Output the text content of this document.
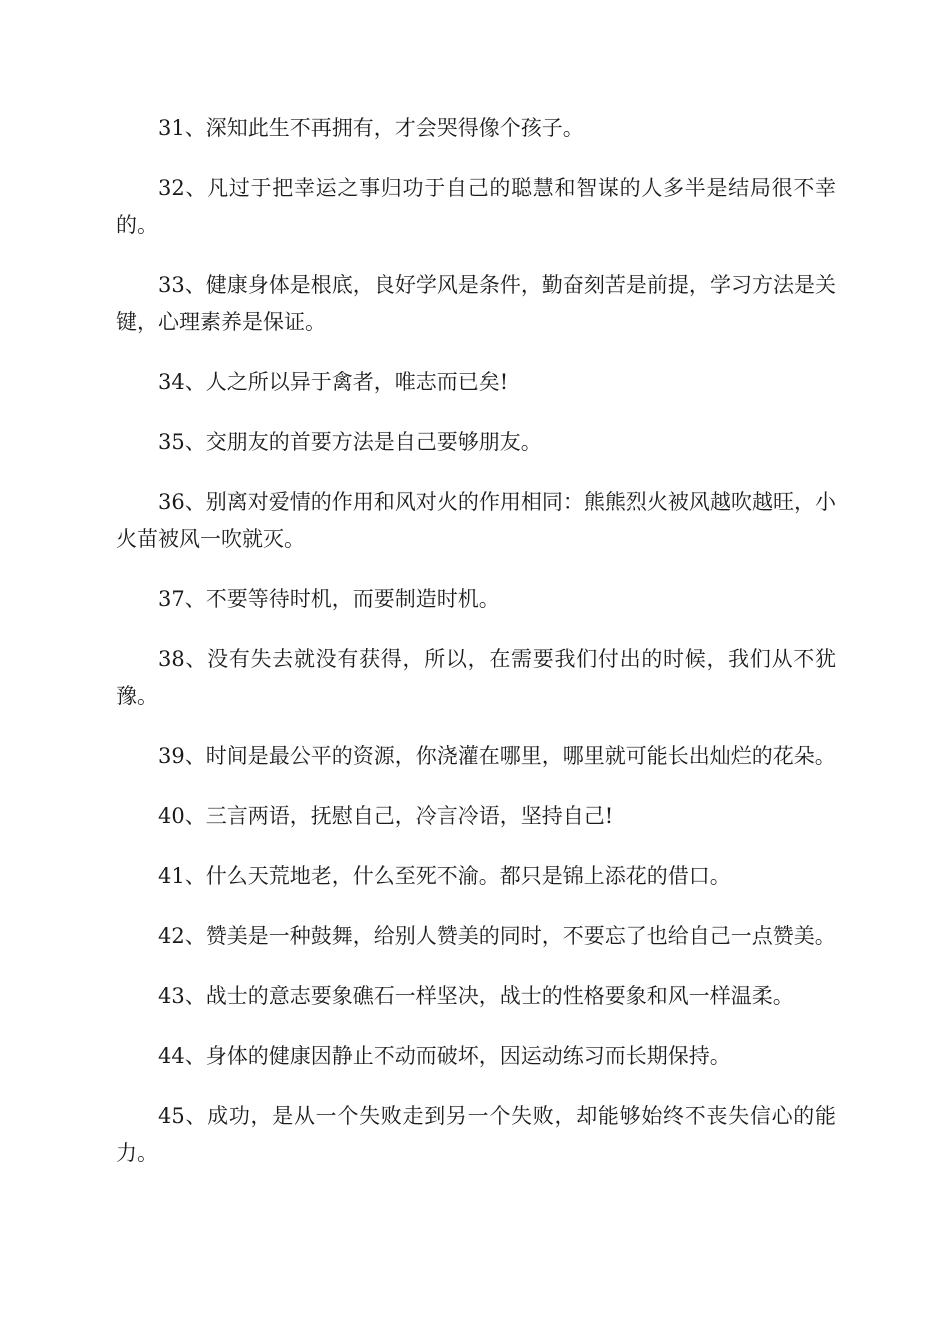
31、深知此生不再拥有，才会哭得像个孩子。

32、凡过于把幸运之事归功于自己的聪慧和智谋的人多半是结局很不幸的。

33、健康身体是根底，良好学风是条件，勤奋刻苦是前提，学习方法是关键，心理素养是保证。

34、人之所以异于禽者，唯志而已矣!

35、交朋友的首要方法是自己要够朋友。

36、别离对爱情的作用和风对火的作用相同：熊熊烈火被风越吹越旺，小火苗被风一吹就灭。

37、不要等待时机，而要制造时机。

38、没有失去就没有获得，所以，在需要我们付出的时候，我们从不犹豫。

39、时间是最公平的资源，你浇灌在哪里，哪里就可能长出灿烂的花朵。

40、三言两语，抚慰自己，冷言冷语，坚持自己!

41、什么天荒地老，什么至死不渝。都只是锦上添花的借口。

42、赞美是一种鼓舞，给别人赞美的同时，不要忘了也给自己一点赞美。

43、战士的意志要象礁石一样坚决，战士的性格要象和风一样温柔。

44、身体的健康因静止不动而破坏，因运动练习而长期保持。

45、成功，是从一个失败走到另一个失败，却能够始终不丧失信心的能力。
